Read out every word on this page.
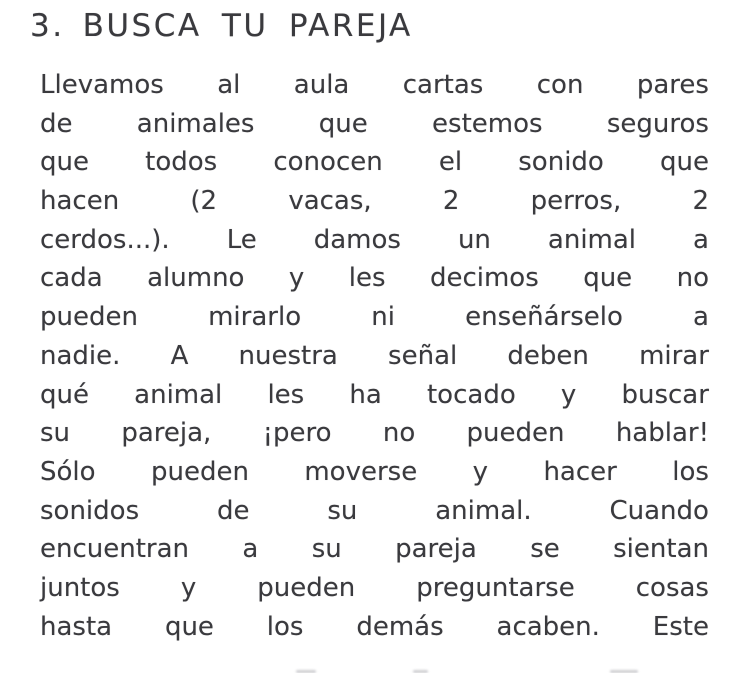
3. BUSCA TU PAREJA
Llevamos al aula cartas con pares
de animales que estemos seguros
que todos conocen el sonido que
hacen	(2	vacas,	2	perros,	2
cerdos...). Le damos un animal a
cada alumno y les decimos que no
pueden	mirarlo	ni	enseñárselo	a
nadie. A nuestra señal deben mirar
qué animal les ha tocado y buscar
su pareja, ¡pero no pueden hablar!
Sólo pueden moverse y hacer los
sonidos	de	su	animal.	Cuando
encuentran a su pareja se sientan
juntos y pueden preguntarse cosas
hasta que los demás acaben. Este
